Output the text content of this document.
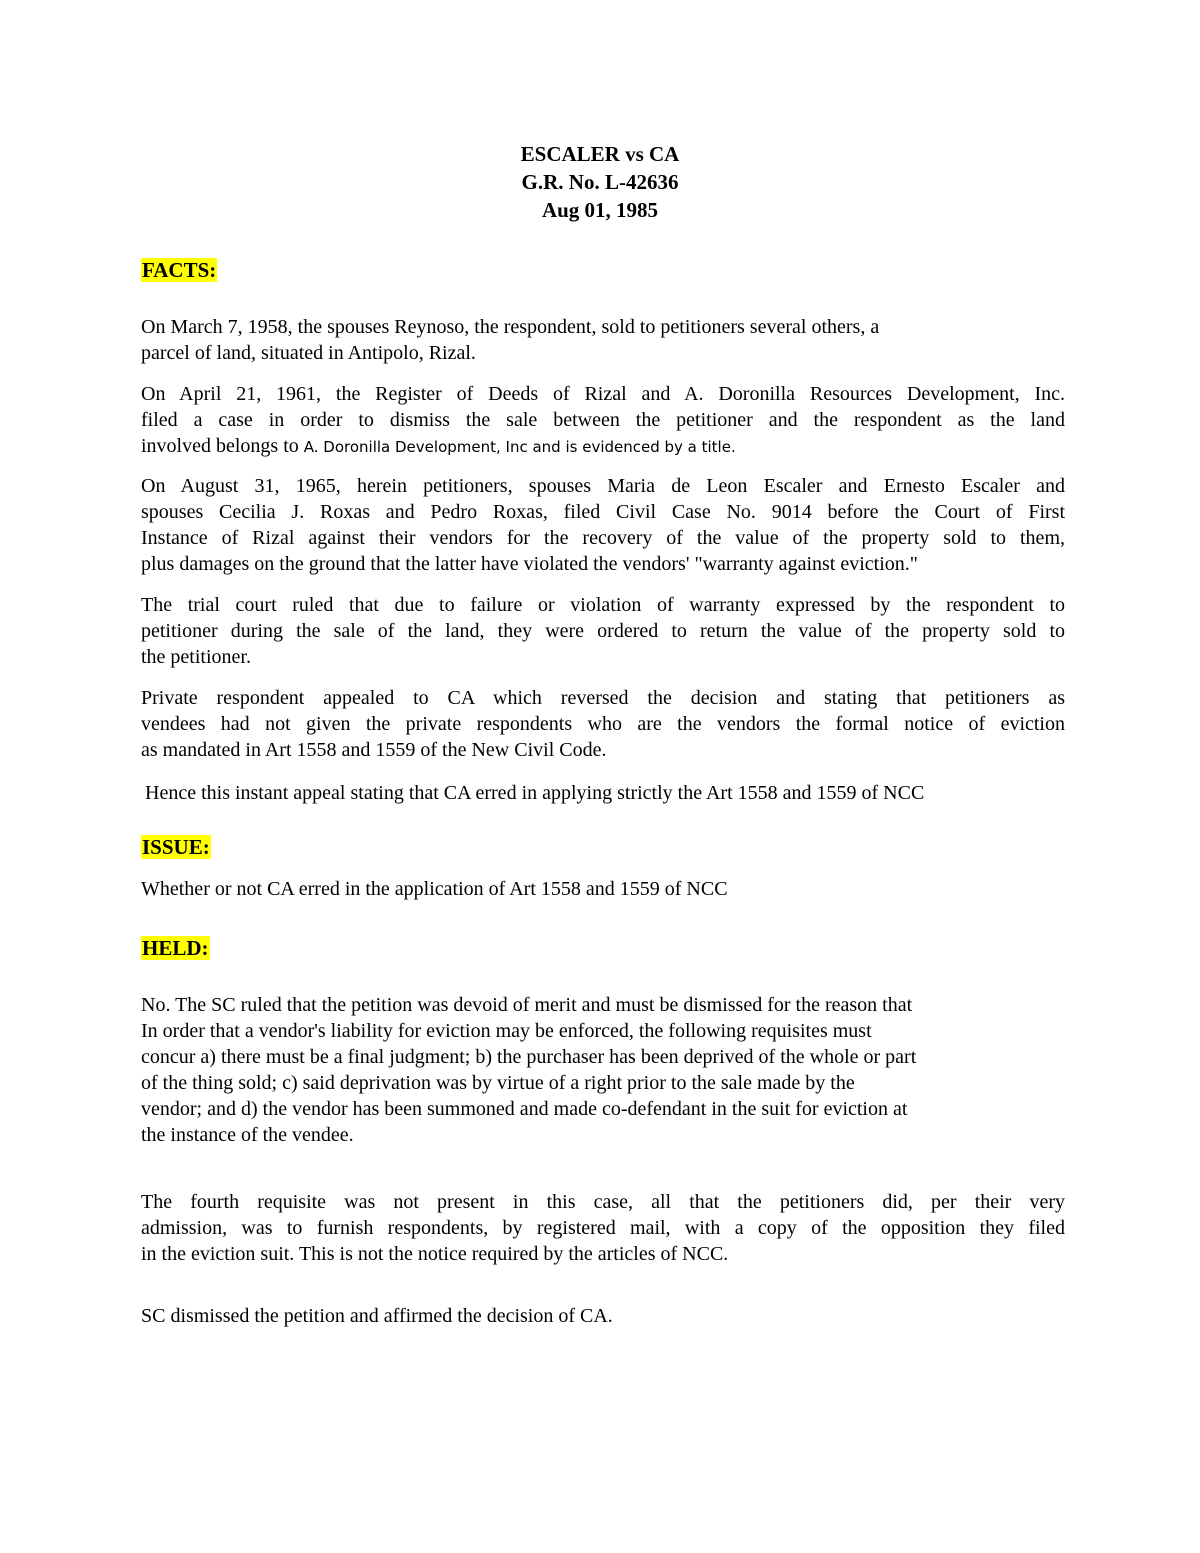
ESCALER vs CA
G.R. No. L-42636
Aug 01, 1985
FACTS:
On March 7, 1958, the spouses Reynoso, the respondent, sold to petitioners several others, a
parcel of land, situated in Antipolo, Rizal.
On April 21, 1961, the Register of Deeds of Rizal and A. Doronilla Resources Development, Inc.
filed a case in order to dismiss the sale between the petitioner and the respondent as the land
involved belongs to A. Doronilla Development, Inc and is evidenced by a title.
On August 31, 1965, herein petitioners, spouses Maria de Leon Escaler and Ernesto Escaler and
spouses Cecilia J. Roxas and Pedro Roxas, filed Civil Case No. 9014 before the Court of First
Instance of Rizal against their vendors for the recovery of the value of the property sold to them,
plus damages on the ground that the latter have violated the vendors' "warranty against eviction."
The trial court ruled that due to failure or violation of warranty expressed by the respondent to
petitioner during the sale of the land, they were ordered to return the value of the property sold to
the petitioner.
Private respondent appealed to CA which reversed the decision and stating that petitioners as
vendees had not given the private respondents who are the vendors the formal notice of eviction
as mandated in Art 1558 and 1559 of the New Civil Code.
Hence this instant appeal stating that CA erred in applying strictly the Art 1558 and 1559 of NCC
ISSUE:
Whether or not CA erred in the application of Art 1558 and 1559 of NCC
HELD:
No. The SC ruled that the petition was devoid of merit and must be dismissed for the reason that
In order that a vendor's liability for eviction may be enforced, the following requisites must
concur a) there must be a final judgment; b) the purchaser has been deprived of the whole or part
of the thing sold; c) said deprivation was by virtue of a right prior to the sale made by the
vendor; and d) the vendor has been summoned and made co-defendant in the suit for eviction at
the instance of the vendee.
The fourth requisite was not present in this case, all that the petitioners did, per their very
admission, was to furnish respondents, by registered mail, with a copy of the opposition they filed
in the eviction suit. This is not the notice required by the articles of NCC.
SC dismissed the petition and affirmed the decision of CA.
